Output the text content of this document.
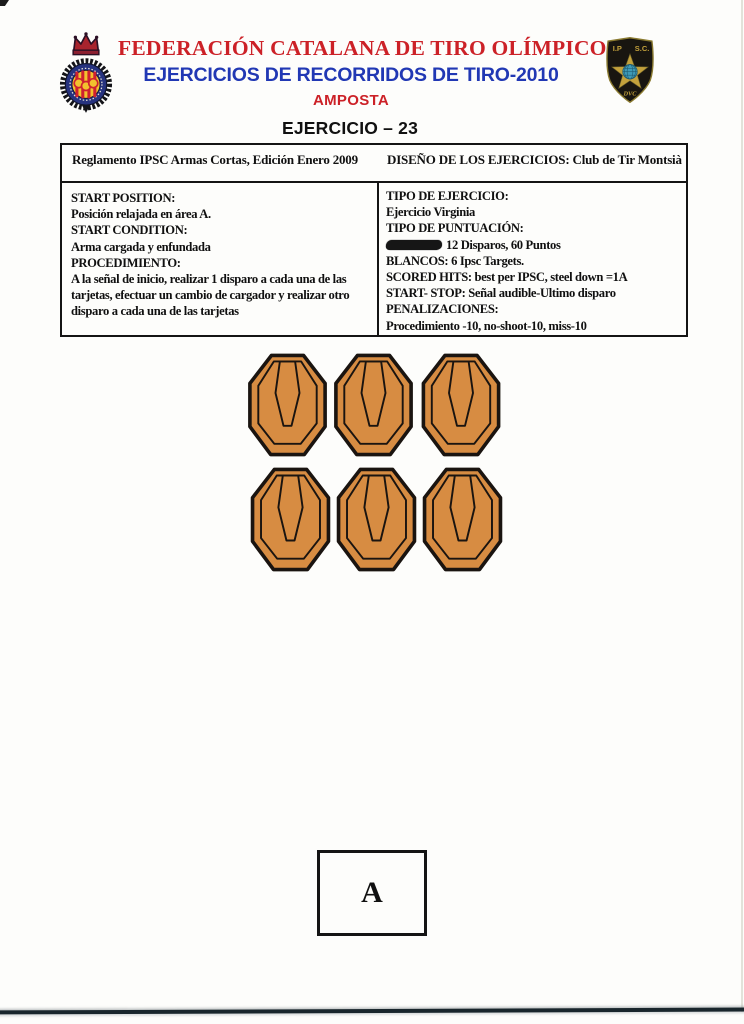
I.P S.C.
DVC
FEDERACIÓN CATALANA DE TIRO OLÍMPICO
EJERCICIOS DE RECORRIDOS DE TIRO-2010
AMPOSTA
EJERCICIO – 23
Reglamento IPSC Armas Cortas, Edición Enero 2009 DISEÑO DE LOS EJERCICIOS: Club de Tir Montsià
START POSITION:
Posición relajada en área A.
START CONDITION:
Arma cargada y enfundada
PROCEDIMIENTO:
A la señal de inicio, realizar 1 disparo a cada una de las
tarjetas, efectuar un cambio de cargador y realizar otro
disparo a cada una de las tarjetas
TIPO DE EJERCICIO:
Ejercicio Virginia
TIPO DE PUNTUACIÓN:
12 Disparos, 60 Puntos
BLANCOS: 6 Ipsc Targets.
SCORED HITS: best per IPSC, steel down =1A
START- STOP: Señal audible-Ultimo disparo
PENALIZACIONES:
Procedimiento -10, no-shoot-10, miss-10
A
